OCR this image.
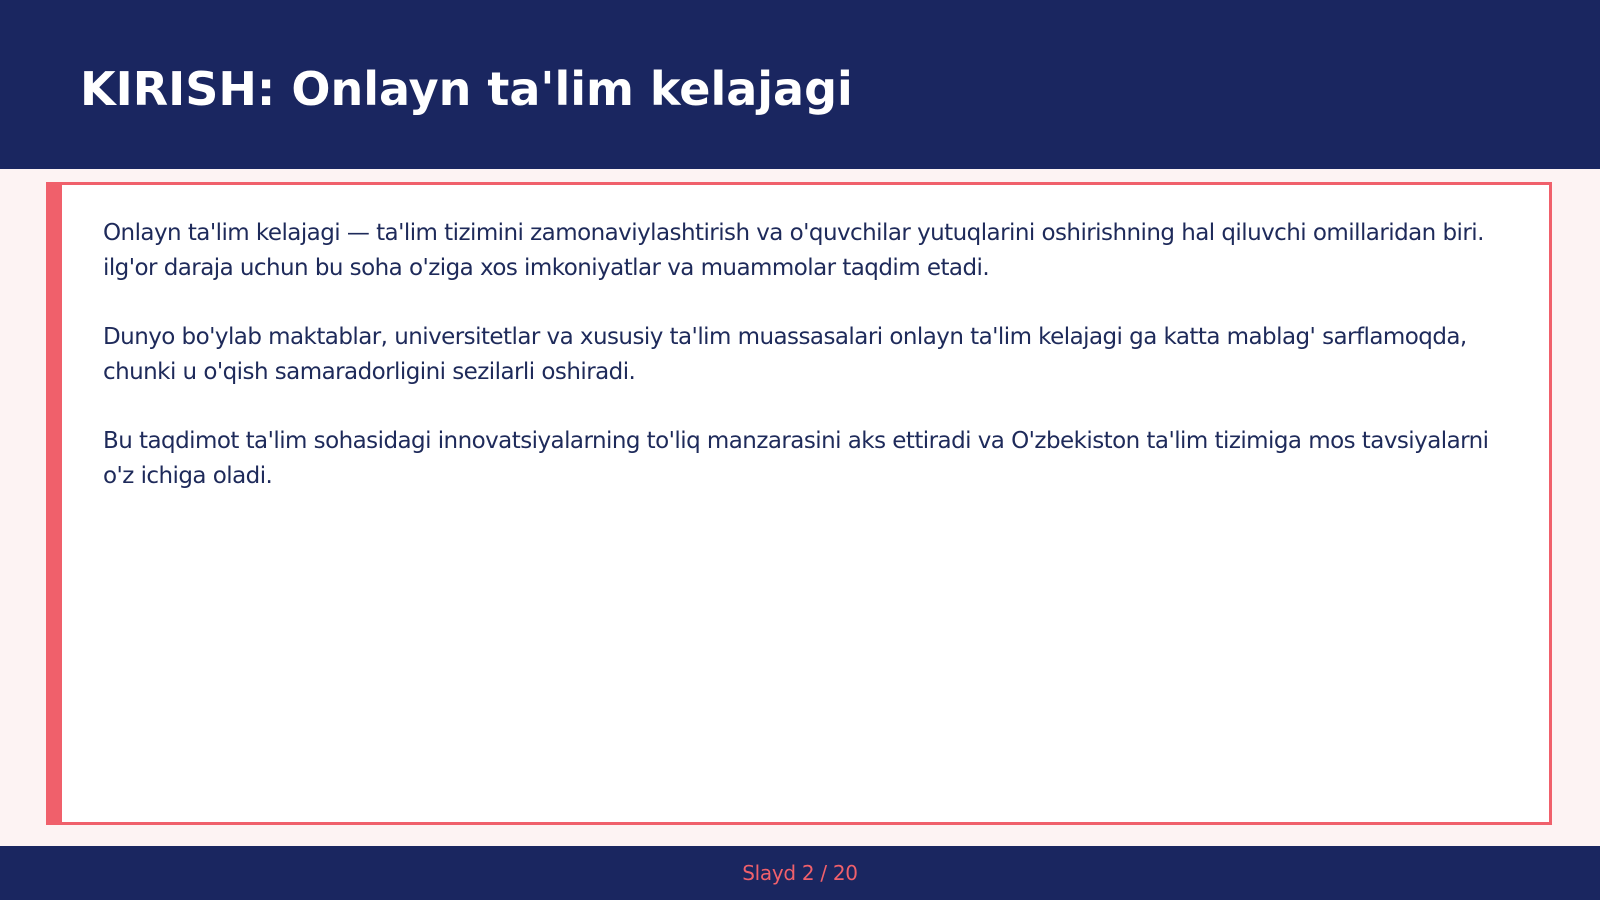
KIRISH: Onlayn ta'lim kelajagi

Onlayn ta'lim kelajagi — ta'lim tizimini zamonaviylashtirish va o'quvchilar yutuqlarini oshirishning hal qiluvchi omillaridan biri. ilg'or daraja uchun bu soha o'ziga xos imkoniyatlar va muammolar taqdim etadi.

Dunyo bo'ylab maktablar, universitetlar va xususiy ta'lim muassasalari onlayn ta'lim kelajagi ga katta mablag' sarflamoqda, chunki u o'qish samaradorligini sezilarli oshiradi.

Bu taqdimot ta'lim sohasidagi innovatsiyalarning to'liq manzarasini aks ettiradi va O'zbekiston ta'lim tizimiga mos tavsiyalarni o'z ichiga oladi.

Slayd 2 / 20
